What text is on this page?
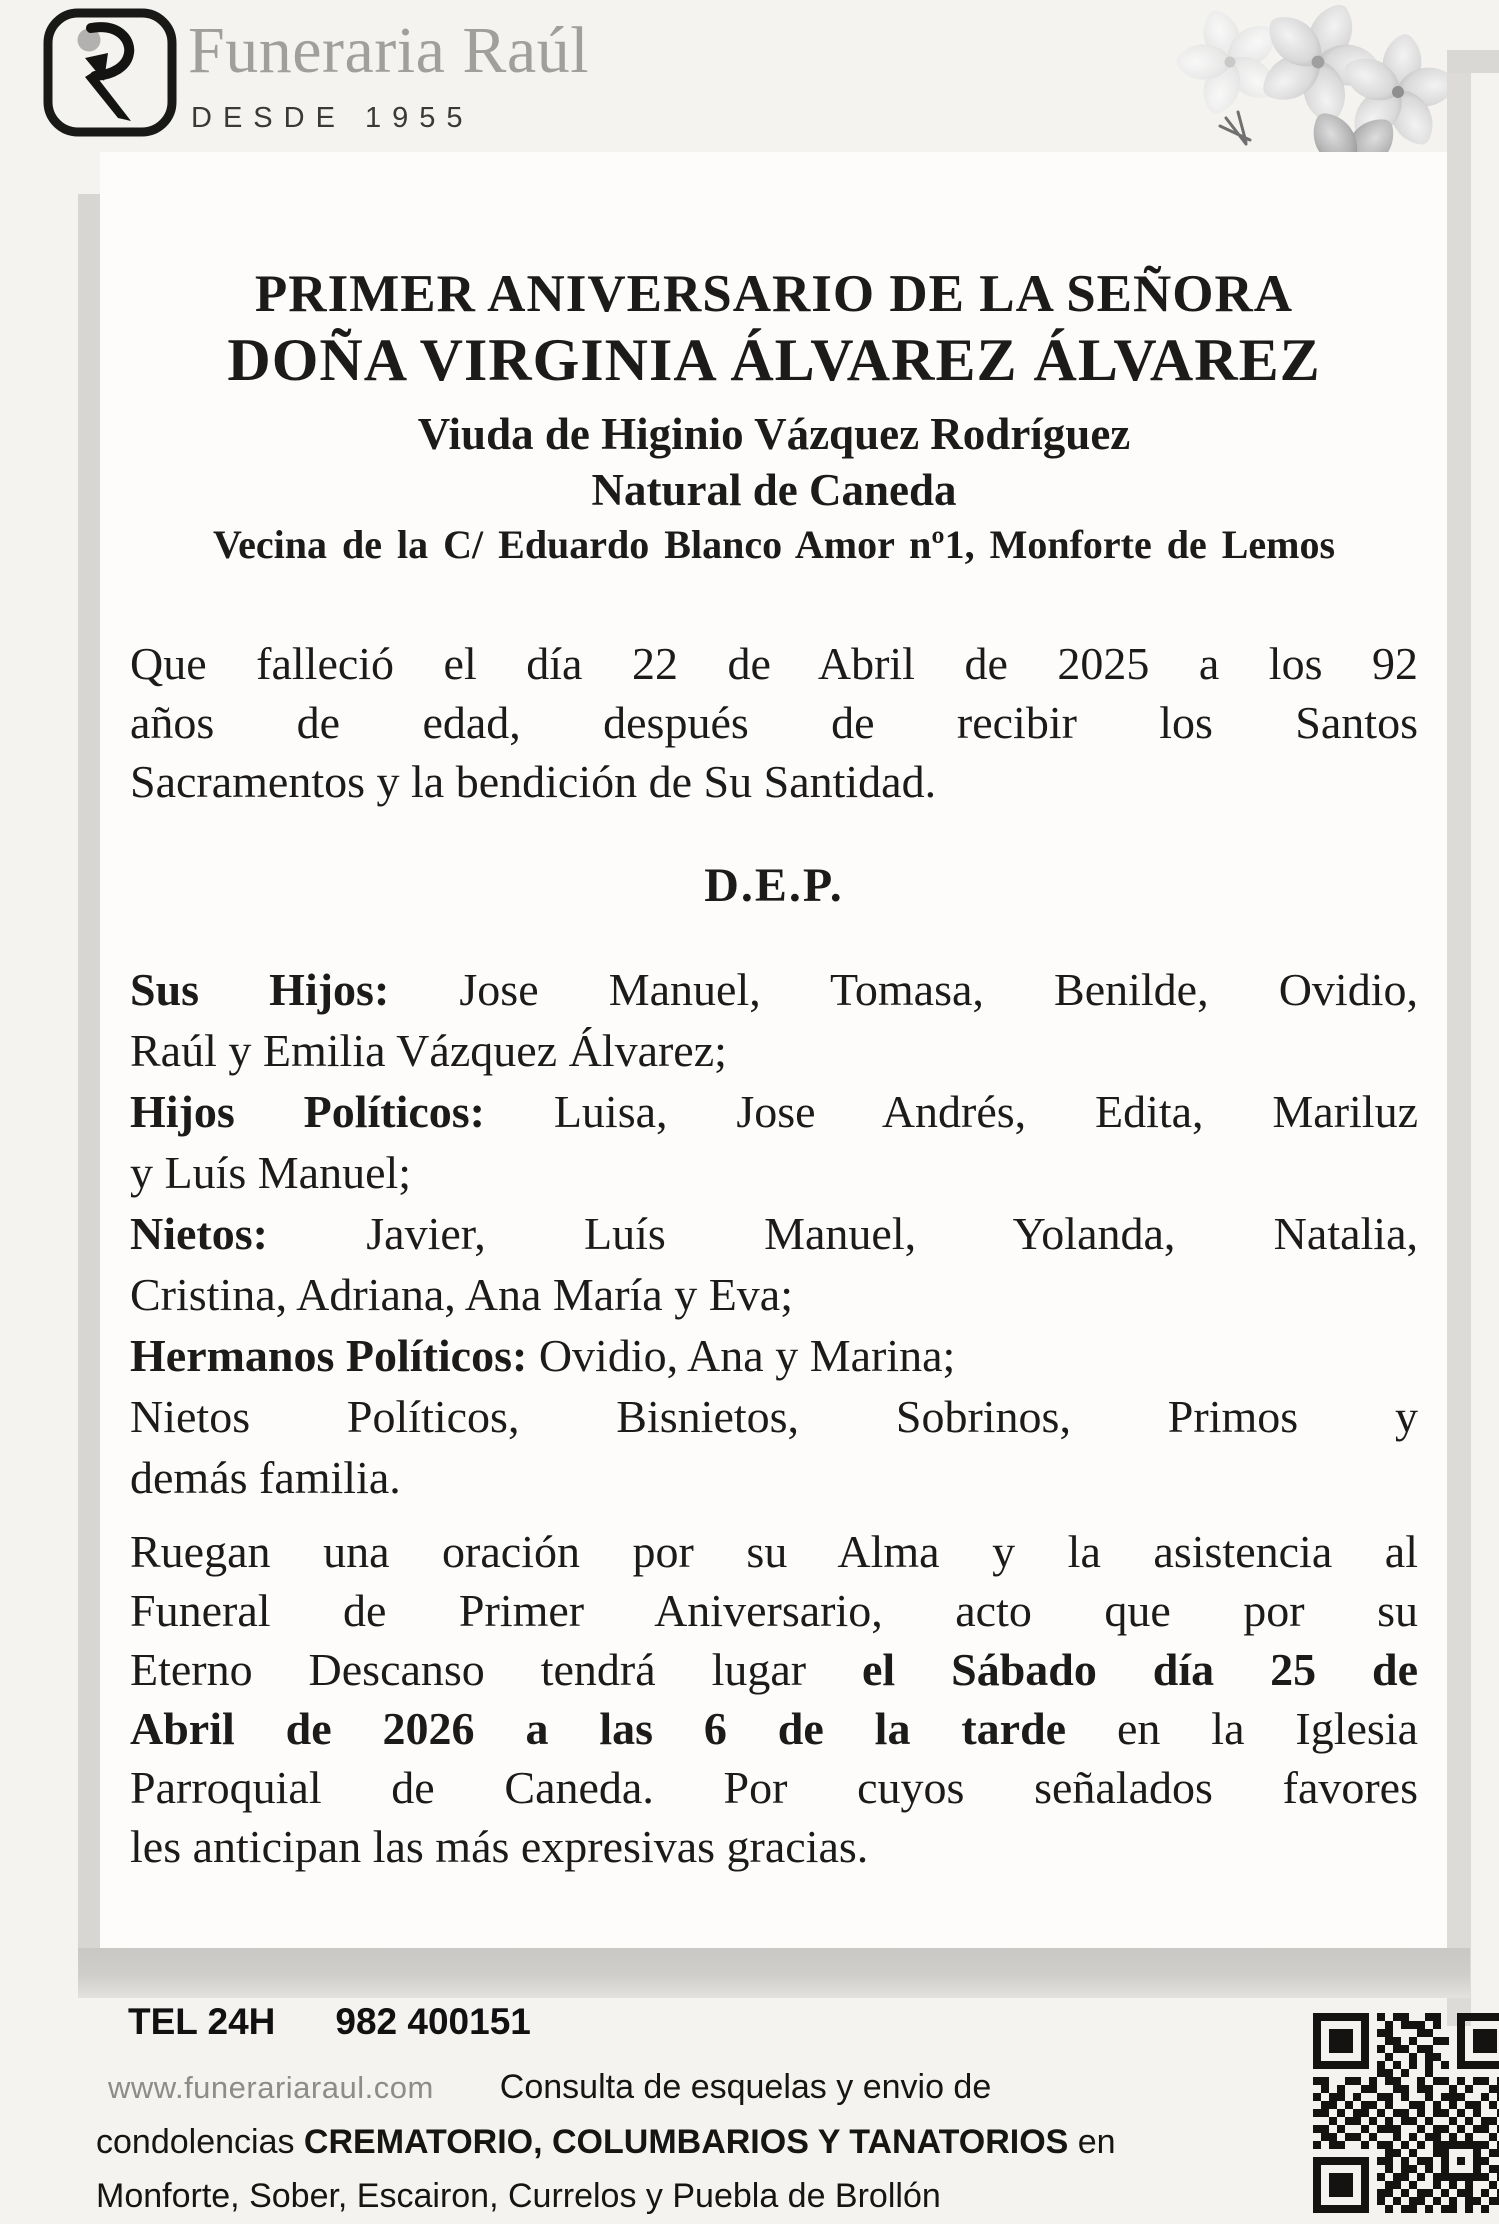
Funeraria Raúl
DESDE 1955
PRIMER ANIVERSARIO DE LA SEÑORA
DOÑA VIRGINIA ÁLVAREZ ÁLVAREZ
Viuda de Higinio Vázquez Rodríguez
Natural de Caneda
Vecina de la C/ Eduardo Blanco Amor nº1, Monforte de Lemos
Que falleció el día 22 de Abril de 2025 a los 92
años de edad, después de recibir los Santos
Sacramentos y la bendición de Su Santidad.
D.E.P.
Sus Hijos: Jose Manuel, Tomasa, Benilde, Ovidio,
Raúl y Emilia Vázquez Álvarez;
Hijos Políticos: Luisa, Jose Andrés, Edita, Mariluz
y Luís Manuel;
Nietos: Javier, Luís Manuel, Yolanda, Natalia,
Cristina, Adriana, Ana María y Eva;
Hermanos Políticos: Ovidio, Ana y Marina;
Nietos Políticos, Bisnietos, Sobrinos, Primos y
demás familia.
Ruegan una oración por su Alma y la asistencia al
Funeral de Primer Aniversario, acto que por su
Eterno Descanso tendrá lugar el Sábado día 25 de
Abril de 2026 a las 6 de la tarde en la Iglesia
Parroquial de Caneda. Por cuyos señalados favores
les anticipan las más expresivas gracias.
TEL 24H 982 400151
www.funerariaraul.com Consulta de esquelas y envio de
condolencias CREMATORIO, COLUMBARIOS Y TANATORIOS en
Monforte, Sober, Escairon, Currelos y Puebla de Brollón
